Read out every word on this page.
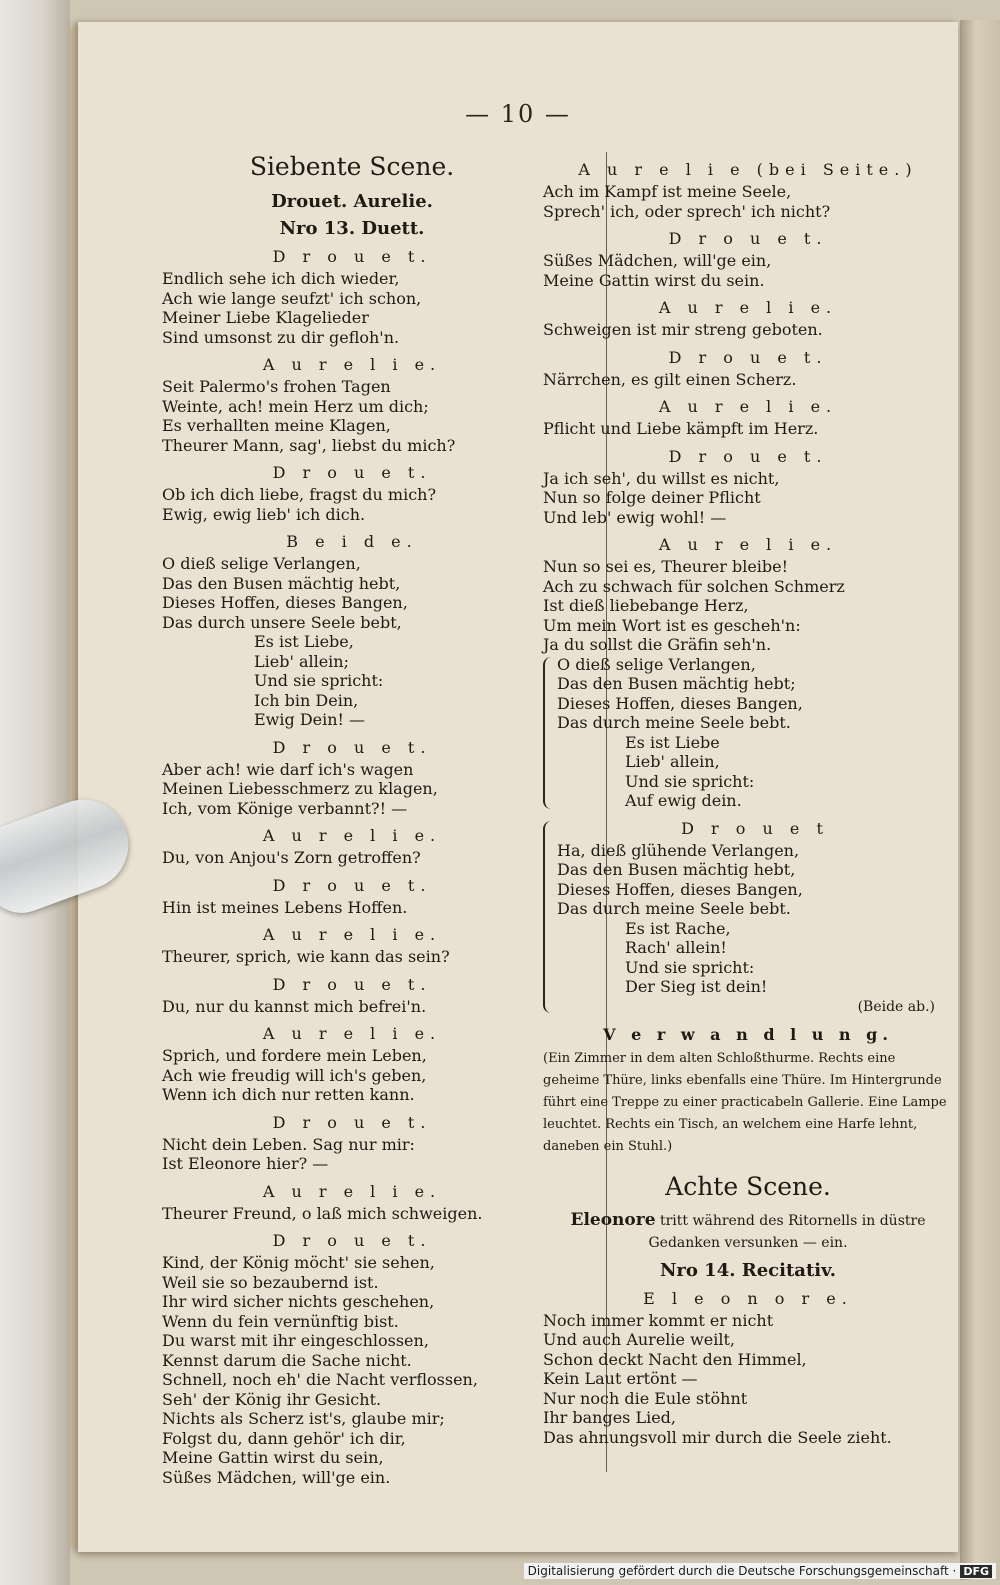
— 10 —
Siebente Scene.
Drouet. Aurelie.
Nro 13. Duett.
D r o u e t.
Endlich sehe ich dich wieder,
Ach wie lange seufzt' ich schon,
Meiner Liebe Klagelieder
Sind umsonst zu dir gefloh'n.
A u r e l i e.
Seit Palermo's frohen Tagen
Weinte, ach! mein Herz um dich;
Es verhallten meine Klagen,
Theurer Mann, sag', liebst du mich?
D r o u e t.
Ob ich dich liebe, fragst du mich?
Ewig, ewig lieb' ich dich.
B e i d e.
O dieß selige Verlangen,
Das den Busen mächtig hebt,
Dieses Hoffen, dieses Bangen,
Das durch unsere Seele bebt,
Es ist Liebe,
Lieb' allein;
Und sie spricht:
Ich bin Dein,
Ewig Dein! —
D r o u e t.
Aber ach! wie darf ich's wagen
Meinen Liebesschmerz zu klagen,
Ich, vom Könige verbannt?! —
A u r e l i e.
Du, von Anjou's Zorn getroffen?
D r o u e t.
Hin ist meines Lebens Hoffen.
A u r e l i e.
Theurer, sprich, wie kann das sein?
D r o u e t.
Du, nur du kannst mich befrei'n.
A u r e l i e.
Sprich, und fordere mein Leben,
Ach wie freudig will ich's geben,
Wenn ich dich nur retten kann.
D r o u e t.
Nicht dein Leben. Sag nur mir:
Ist Eleonore hier? —
A u r e l i e.
Theurer Freund, o laß mich schweigen.
D r o u e t.
Kind, der König möcht' sie sehen,
Weil sie so bezaubernd ist.
Ihr wird sicher nichts geschehen,
Wenn du fein vernünftig bist.
Du warst mit ihr eingeschlossen,
Kennst darum die Sache nicht.
Schnell, noch eh' die Nacht verflossen,
Seh' der König ihr Gesicht.
Nichts als Scherz ist's, glaube mir;
Folgst du, dann gehör' ich dir,
Meine Gattin wirst du sein,
Süßes Mädchen, will'ge ein.
A u r e l i e (bei Seite.)
Ach im Kampf ist meine Seele,
Sprech' ich, oder sprech' ich nicht?
D r o u e t.
Süßes Mädchen, will'ge ein,
Meine Gattin wirst du sein.
A u r e l i e.
Schweigen ist mir streng geboten.
D r o u e t.
Närrchen, es gilt einen Scherz.
A u r e l i e.
Pflicht und Liebe kämpft im Herz.
D r o u e t.
Ja ich seh', du willst es nicht,
Nun so folge deiner Pflicht
Und leb' ewig wohl! —
A u r e l i e.
Nun so sei es, Theurer bleibe!
Ach zu schwach für solchen Schmerz
Ist dieß liebebange Herz,
Um mein Wort ist es gescheh'n:
Ja du sollst die Gräfin seh'n.
O dieß selige Verlangen,
Das den Busen mächtig hebt;
Dieses Hoffen, dieses Bangen,
Das durch meine Seele bebt.
Es ist Liebe
Lieb' allein,
Und sie spricht:
Auf ewig dein.
D r o u e t
Ha, dieß glühende Verlangen,
Das den Busen mächtig hebt,
Dieses Hoffen, dieses Bangen,
Das durch meine Seele bebt.
Es ist Rache,
Rach' allein!
Und sie spricht:
Der Sieg ist dein!
(Beide ab.)
V e r w a n d l u n g.
(Ein Zimmer in dem alten Schloßthurme. Rechts eine geheime Thüre, links ebenfalls eine Thüre. Im Hintergrunde führt eine Treppe zu einer practicabeln Gallerie. Eine Lampe leuchtet. Rechts ein Tisch, an welchem eine Harfe lehnt, daneben ein Stuhl.)
Achte Scene.
Eleonore tritt während des Ritornells in düstre Gedanken versunken — ein.
Nro 14. Recitativ.
E l e o n o r e.
Noch immer kommt er nicht
Und auch Aurelie weilt,
Schon deckt Nacht den Himmel,
Kein Laut ertönt —
Nur noch die Eule stöhnt
Ihr banges Lied,
Das ahnungsvoll mir durch die Seele zieht.
Digitalisierung gefördert durch die Deutsche Forschungsgemeinschaft · DFG
